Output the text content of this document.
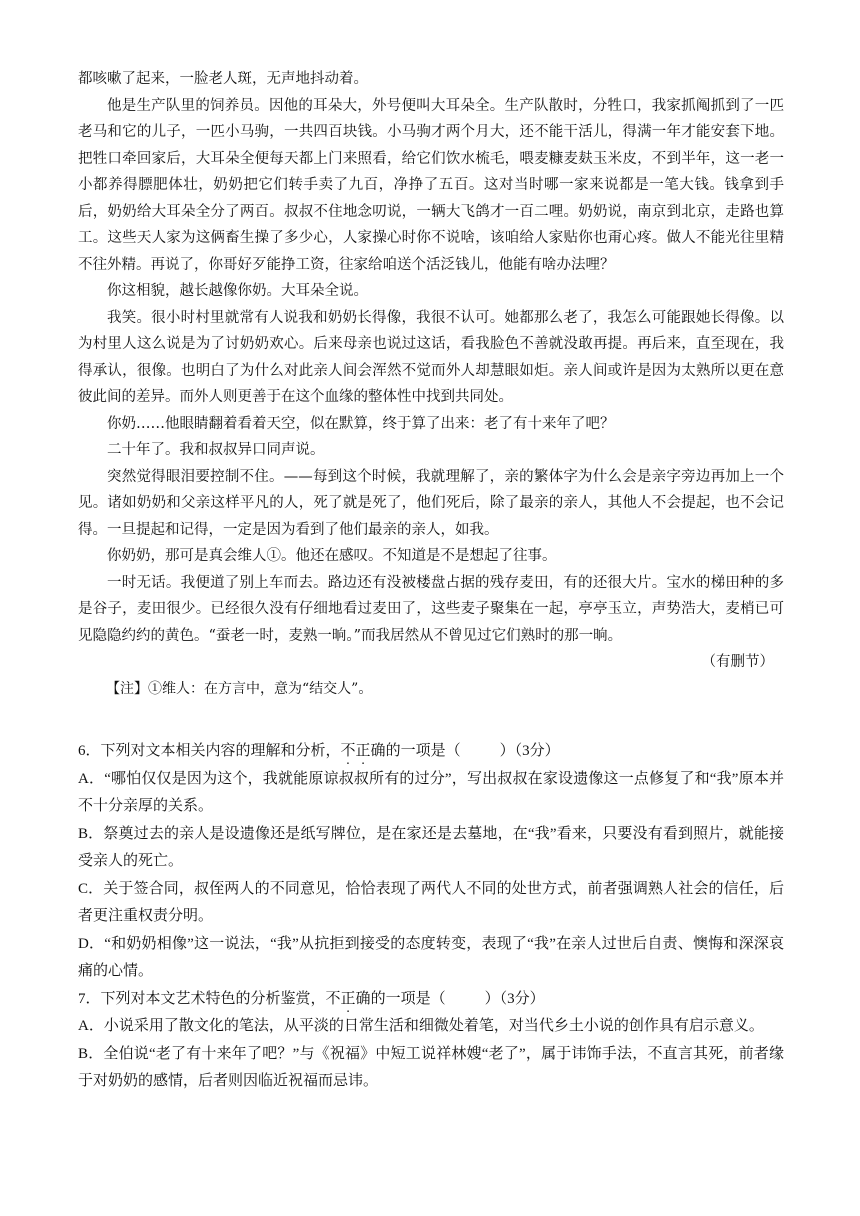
都咳嗽了起来，一脸老人斑，无声地抖动着。

他是生产队里的饲养员。因他的耳朵大，外号便叫大耳朵全。生产队散时，分牲口，我家抓阄抓到了一匹老马和它的儿子，一匹小马驹，一共四百块钱。小马驹才两个月大，还不能干活儿，得满一年才能安套下地。把牲口牵回家后，大耳朵全便每天都上门来照看，给它们饮水梳毛，喂麦糠麦麸玉米皮，不到半年，这一老一小都养得膘肥体壮，奶奶把它们转手卖了九百，净挣了五百。这对当时哪一家来说都是一笔大钱。钱拿到手后，奶奶给大耳朵全分了两百。叔叔不住地念叨说，一辆大飞鸽才一百二哩。奶奶说，南京到北京，走路也算工。这些天人家为这俩畜生操了多少心，人家操心时你不说啥，该咱给人家贴你也甭心疼。做人不能光往里精不往外精。再说了，你哥好歹能挣工资，往家给咱送个活泛钱儿，他能有啥办法哩？

你这相貌，越长越像你奶。大耳朵全说。

我笑。很小时村里就常有人说我和奶奶长得像，我很不认可。她都那么老了，我怎么可能跟她长得像。以为村里人这么说是为了讨奶奶欢心。后来母亲也说过这话，看我脸色不善就没敢再提。再后来，直至现在，我得承认，很像。也明白了为什么对此亲人间会浑然不觉而外人却慧眼如炬。亲人间或许是因为太熟所以更在意彼此间的差异。而外人则更善于在这个血缘的整体性中找到共同处。

你奶……他眼睛翻着看着天空，似在默算，终于算了出来：老了有十来年了吧？

二十年了。我和叔叔异口同声说。

突然觉得眼泪要控制不住。——每到这个时候，我就理解了，亲的繁体字为什么会是亲字旁边再加上一个见。诸如奶奶和父亲这样平凡的人，死了就是死了，他们死后，除了最亲的亲人，其他人不会提起，也不会记得。一旦提起和记得，一定是因为看到了他们最亲的亲人，如我。

你奶奶，那可是真会维人①。他还在感叹。不知道是不是想起了往事。

一时无话。我便道了别上车而去。路边还有没被楼盘占据的残存麦田，有的还很大片。宝水的梯田种的多是谷子，麦田很少。已经很久没有仔细地看过麦田了，这些麦子聚集在一起，亭亭玉立，声势浩大，麦梢已可见隐隐约约的黄色。“蚕老一时，麦熟一晌。”而我居然从不曾见过它们熟时的那一晌。

（有删节）

【注】①维人：在方言中，意为“结交人”。

6．下列对文本相关内容的理解和分析，不正确的一项是（	）（3分）

A．“哪怕仅仅是因为这个，我就能原谅叔叔所有的过分”，写出叔叔在家设遗像这一点修复了和“我”原本并不十分亲厚的关系。

B．祭奠过去的亲人是设遗像还是纸写牌位，是在家还是去墓地，在“我”看来，只要没有看到照片，就能接受亲人的死亡。

C．关于签合同，叔侄两人的不同意见，恰恰表现了两代人不同的处世方式，前者强调熟人社会的信任，后者更注重权责分明。

D．“和奶奶相像”这一说法，“我”从抗拒到接受的态度转变，表现了“我”在亲人过世后自责、懊悔和深深哀痛的心情。

7．下列对本文艺术特色的分析鉴赏，不正确的一项是（	）（3分）

A．小说采用了散文化的笔法，从平淡的日常生活和细微处着笔，对当代乡土小说的创作具有启示意义。

B．全伯说“老了有十来年了吧？”与《祝福》中短工说祥林嫂“老了”，属于讳饰手法，不直言其死，前者缘于对奶奶的感情，后者则因临近祝福而忌讳。
